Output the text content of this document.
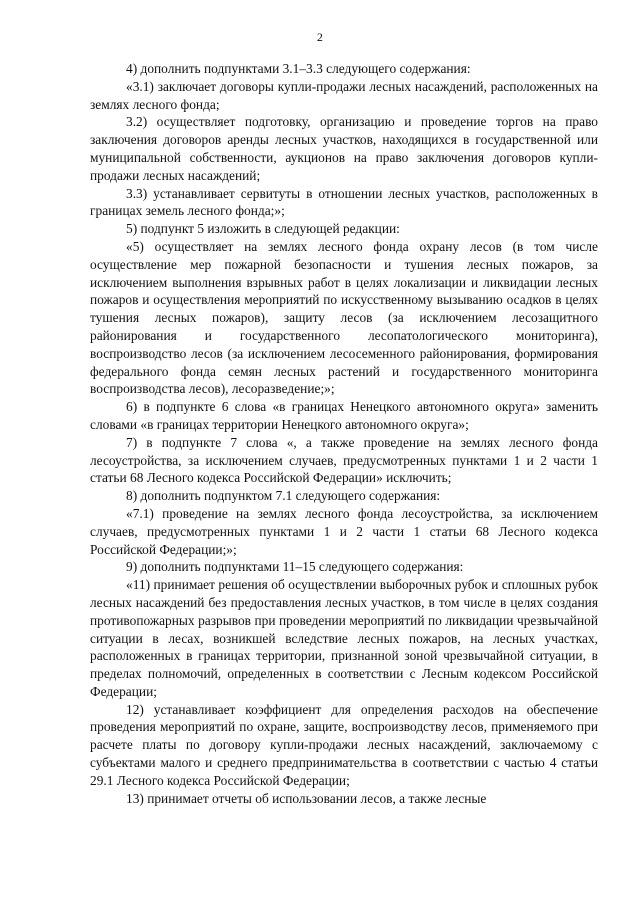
2

4) дополнить подпунктами 3.1–3.3 следующего содержания:

«3.1) заключает договоры купли-продажи лесных насаждений, расположенных на землях лесного фонда;

3.2) осуществляет подготовку, организацию и проведение торгов на право заключения договоров аренды лесных участков, находящихся в государственной или муниципальной собственности, аукционов на право заключения договоров купли-продажи лесных насаждений;

3.3) устанавливает сервитуты в отношении лесных участков, расположенных в границах земель лесного фонда;»;

5) подпункт 5 изложить в следующей редакции:

«5) осуществляет на землях лесного фонда охрану лесов (в том числе осуществление мер пожарной безопасности и тушения лесных пожаров, за исключением выполнения взрывных работ в целях локализации и ликвидации лесных пожаров и осуществления мероприятий по искусственному вызыванию осадков в целях тушения лесных пожаров), защиту лесов (за исключением лесозащитного районирования и государственного лесопатологического мониторинга), воспроизводство лесов (за исключением лесосеменного районирования, формирования федерального фонда семян лесных растений и государственного мониторинга воспроизводства лесов), лесоразведение;»;

6) в подпункте 6 слова «в границах Ненецкого автономного округа» заменить словами «в границах территории Ненецкого автономного округа»;

7) в подпункте 7 слова «, а также проведение на землях лесного фонда лесоустройства, за исключением случаев, предусмотренных пунктами 1 и 2 части 1 статьи 68 Лесного кодекса Российской Федерации» исключить;

8) дополнить подпунктом 7.1 следующего содержания:

«7.1) проведение на землях лесного фонда лесоустройства, за исключением случаев, предусмотренных пунктами 1 и 2 части 1 статьи 68 Лесного кодекса Российской Федерации;»;

9) дополнить подпунктами 11–15 следующего содержания:

«11) принимает решения об осуществлении выборочных рубок и сплошных рубок лесных насаждений без предоставления лесных участков, в том числе в целях создания противопожарных разрывов при проведении мероприятий по ликвидации чрезвычайной ситуации в лесах, возникшей вследствие лесных пожаров, на лесных участках, расположенных в границах территории, признанной зоной чрезвычайной ситуации, в пределах полномочий, определенных в соответствии с Лесным кодексом Российской Федерации;

12) устанавливает коэффициент для определения расходов на обеспечение проведения мероприятий по охране, защите, воспроизводству лесов, применяемого при расчете платы по договору купли-продажи лесных насаждений, заключаемому с субъектами малого и среднего предпринимательства в соответствии с частью 4 статьи 29.1 Лесного кодекса Российской Федерации;

13) принимает отчеты об использовании лесов, а также лесные
